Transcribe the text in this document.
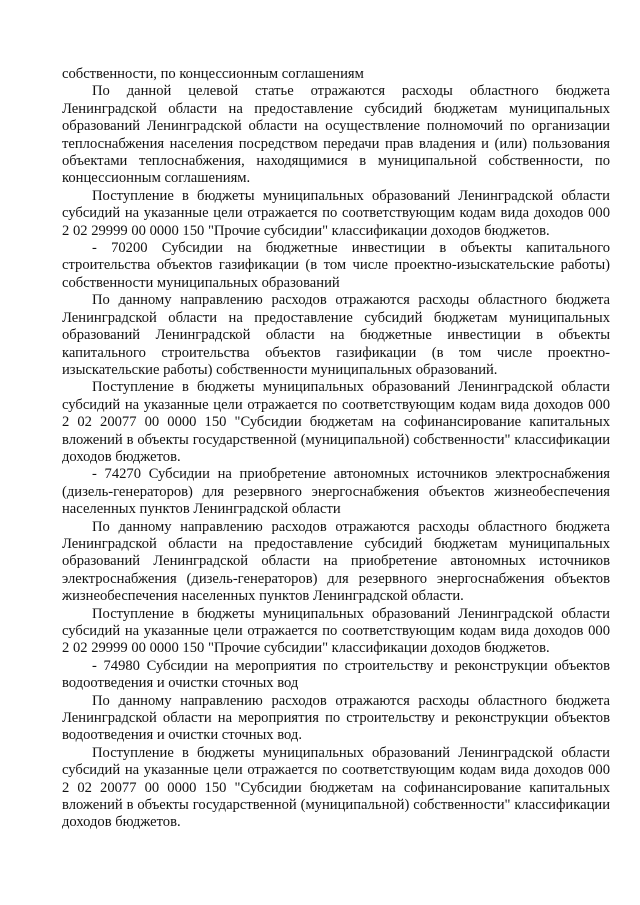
собственности, по концессионным соглашениям

По данной целевой статье отражаются расходы областного бюджета Ленинградской области на предоставление субсидий бюджетам муниципальных образований Ленинградской области на осуществление полномочий по организации теплоснабжения населения посредством передачи прав владения и (или) пользования объектами теплоснабжения, находящимися в муниципальной собственности, по концессионным соглашениям.

Поступление в бюджеты муниципальных образований Ленинградской области субсидий на указанные цели отражается по соответствующим кодам вида доходов 000 2 02 29999 00 0000 150 "Прочие субсидии" классификации доходов бюджетов.

- 70200 Субсидии на бюджетные инвестиции в объекты капитального строительства объектов газификации (в том числе проектно-изыскательские работы) собственности муниципальных образований

По данному направлению расходов отражаются расходы областного бюджета Ленинградской области на предоставление субсидий бюджетам муниципальных образований Ленинградской области на бюджетные инвестиции в объекты капитального строительства объектов газификации (в том числе проектно-изыскательские работы) собственности муниципальных образований.

Поступление в бюджеты муниципальных образований Ленинградской области субсидий на указанные цели отражается по соответствующим кодам вида доходов 000 2 02 20077 00 0000 150 "Субсидии бюджетам на софинансирование капитальных вложений в объекты государственной (муниципальной) собственности" классификации доходов бюджетов.

- 74270 Субсидии на приобретение автономных источников электроснабжения (дизель-генераторов) для резервного энергоснабжения объектов жизнеобеспечения населенных пунктов Ленинградской области

По данному направлению расходов отражаются расходы областного бюджета Ленинградской области на предоставление субсидий бюджетам муниципальных образований Ленинградской области на приобретение автономных источников электроснабжения (дизель-генераторов) для резервного энергоснабжения объектов жизнеобеспечения населенных пунктов Ленинградской области.

Поступление в бюджеты муниципальных образований Ленинградской области субсидий на указанные цели отражается по соответствующим кодам вида доходов 000 2 02 29999 00 0000 150 "Прочие субсидии" классификации доходов бюджетов.

- 74980 Субсидии на мероприятия по строительству и реконструкции объектов водоотведения и очистки сточных вод

По данному направлению расходов отражаются расходы областного бюджета Ленинградской области на мероприятия по строительству и реконструкции объектов водоотведения и очистки сточных вод.

Поступление в бюджеты муниципальных образований Ленинградской области субсидий на указанные цели отражается по соответствующим кодам вида доходов 000 2 02 20077 00 0000 150 "Субсидии бюджетам на софинансирование капитальных вложений в объекты государственной (муниципальной) собственности" классификации доходов бюджетов.
